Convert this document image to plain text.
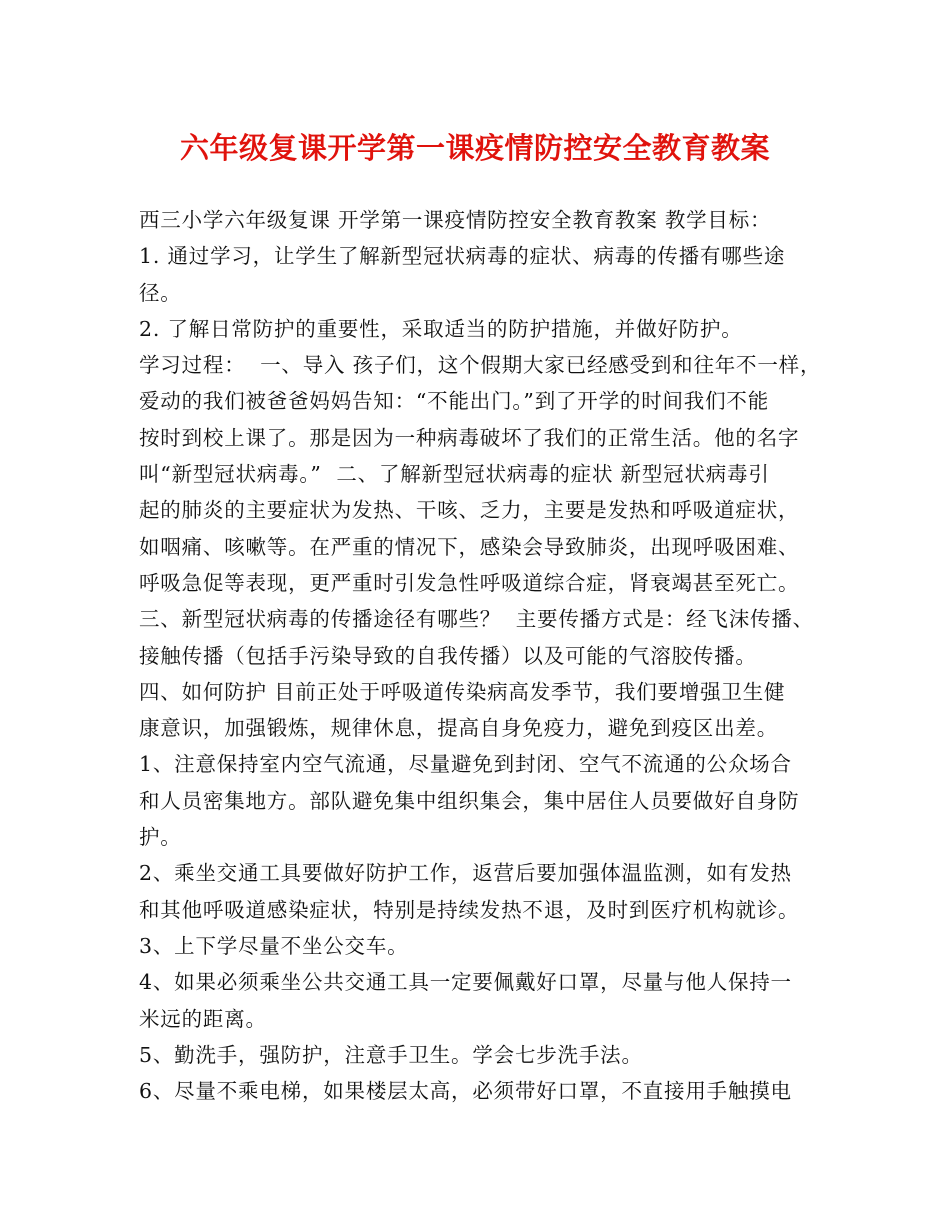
六年级复课开学第一课疫情防控安全教育教案
西三小学六年级复课 开学第一课疫情防控安全教育教案 教学目标：
1. 通过学习，让学生了解新型冠状病毒的症状、病毒的传播有哪些途
径。
2. 了解日常防护的重要性，采取适当的防护措施，并做好防护。
学习过程：  一、导入 孩子们，这个假期大家已经感受到和往年不一样，
爱动的我们被爸爸妈妈告知：“不能出门。”到了开学的时间我们不能
按时到校上课了。那是因为一种病毒破坏了我们的正常生活。他的名字
叫“新型冠状病毒。”  二、了解新型冠状病毒的症状 新型冠状病毒引
起的肺炎的主要症状为发热、干咳、乏力，主要是发热和呼吸道症状，
如咽痛、咳嗽等。在严重的情况下，感染会导致肺炎，出现呼吸困难、
呼吸急促等表现，更严重时引发急性呼吸道综合症，肾衰竭甚至死亡。
三、新型冠状病毒的传播途径有哪些？  主要传播方式是：经飞沫传播、
接触传播（包括手污染导致的自我传播）以及可能的气溶胶传播。
四、如何防护 目前正处于呼吸道传染病高发季节，我们要增强卫生健
康意识，加强锻炼，规律休息，提高自身免疫力，避免到疫区出差。
1、注意保持室内空气流通，尽量避免到封闭、空气不流通的公众场合
和人员密集地方。部队避免集中组织集会，集中居住人员要做好自身防
护。
2、乘坐交通工具要做好防护工作，返营后要加强体温监测，如有发热
和其他呼吸道感染症状，特别是持续发热不退，及时到医疗机构就诊。
3、上下学尽量不坐公交车。
4、如果必须乘坐公共交通工具一定要佩戴好口罩，尽量与他人保持一
米远的距离。
5、勤洗手，强防护，注意手卫生。学会七步洗手法。
6、尽量不乘电梯，如果楼层太高，必须带好口罩，不直接用手触摸电
